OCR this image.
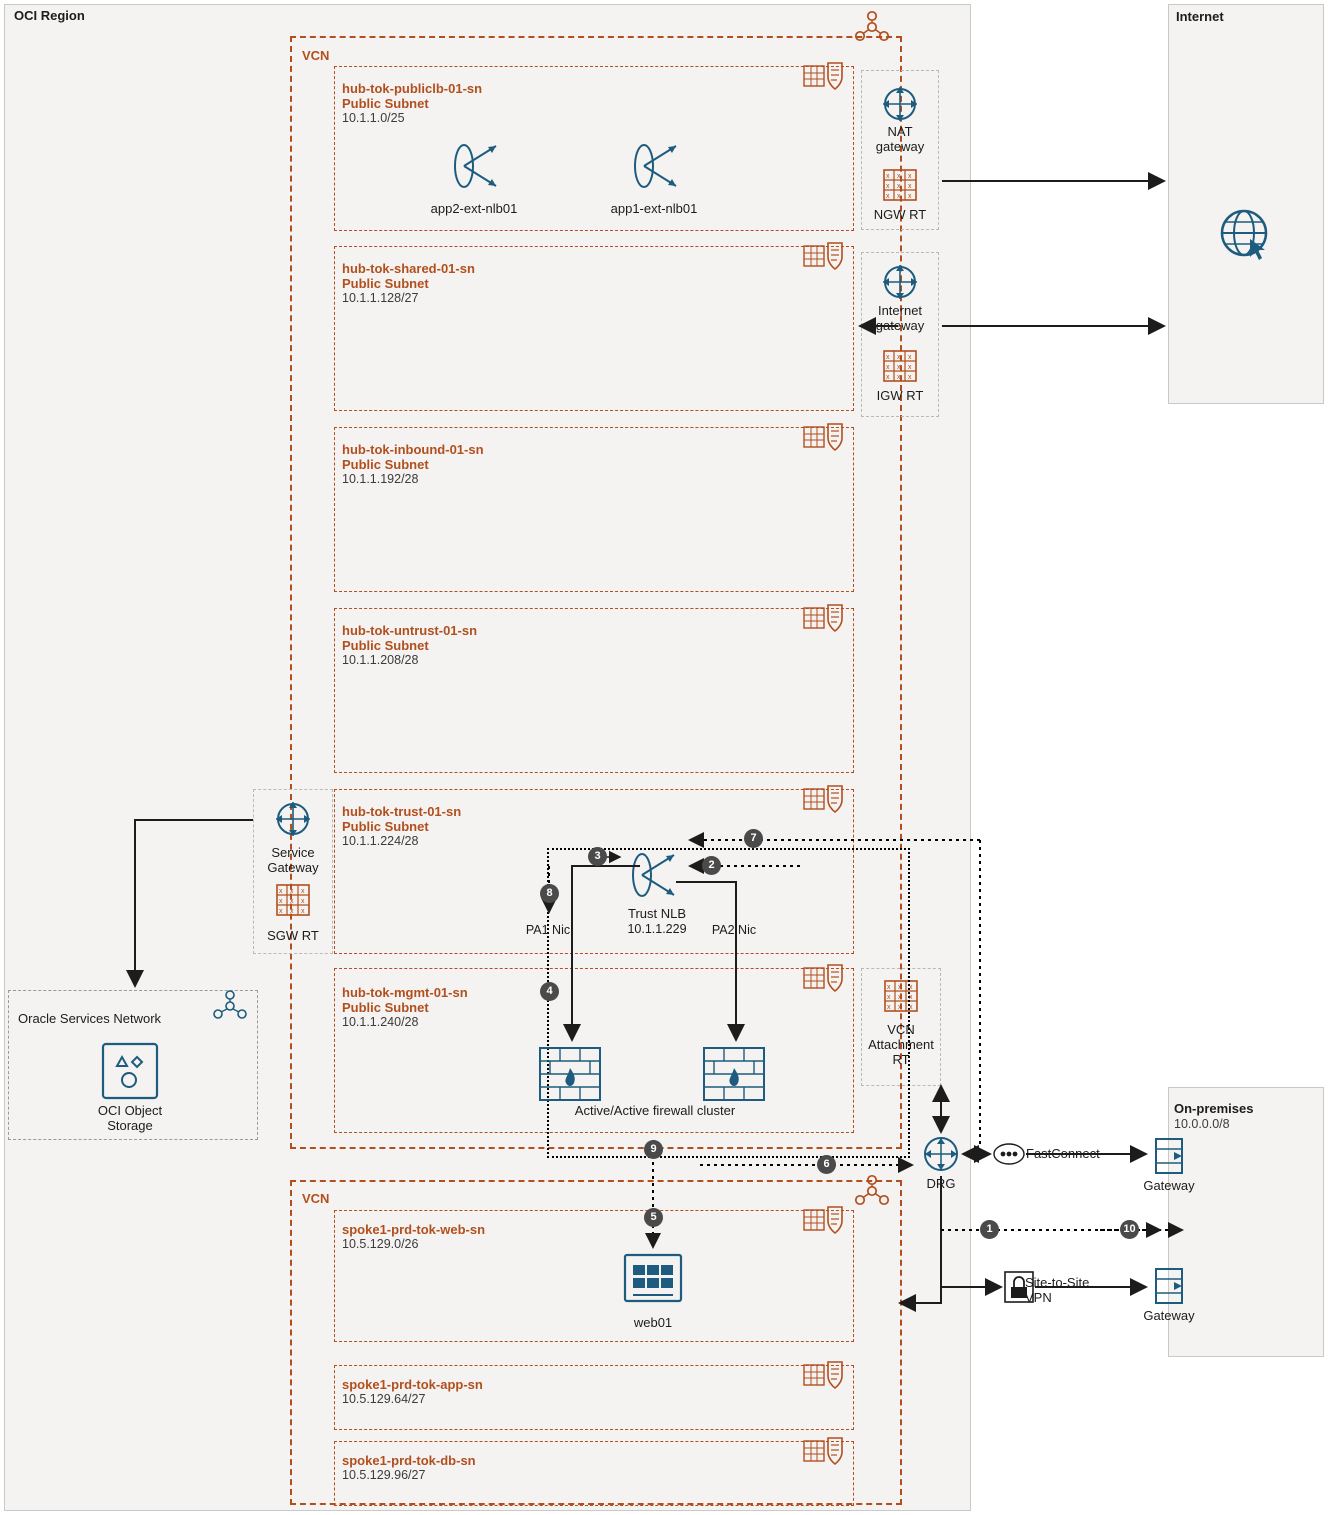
OCI Region	Internet
On-premises
10.0.0.0/8
Oracle Services Network
OCI Object
Storage
VCN
hub-tok-publiclb-01-sn
Public Subnet
10.1.1.0/25
app2-ext-nlb01	app1-ext-nlb01
hub-tok-shared-01-sn
Public Subnet
10.1.1.128/27
hub-tok-inbound-01-sn
Public Subnet
10.1.1.192/28
hub-tok-untrust-01-sn
Public Subnet
10.1.1.208/28
hub-tok-trust-01-sn
Public Subnet
10.1.1.224/28
hub-tok-mgmt-01-sn
Public Subnet
10.1.1.240/28
NAT
gateway
x x x
x x x
x x x
NGW RT
Internet
gateway
x x x
x x x
x x x
IGW RT
Service
Gateway
x x x
x x x
x x x
SGW RT
x x x
x x x
x x x
VCN
Attachment
RT
Trust NLB
10.1.1.229
PA1 Nic	PA2 Nic
Active/Active firewall cluster
DRG
FastConnect
Site-to-Site
VPN
Gateway
Gateway
VCN
spoke1-prd-tok-web-sn
10.5.129.0/26
web01
spoke1-prd-tok-app-sn
10.5.129.64/27
spoke1-prd-tok-db-sn
10.5.129.96/27
3
2
7
8
4
9
6
5
1	10
